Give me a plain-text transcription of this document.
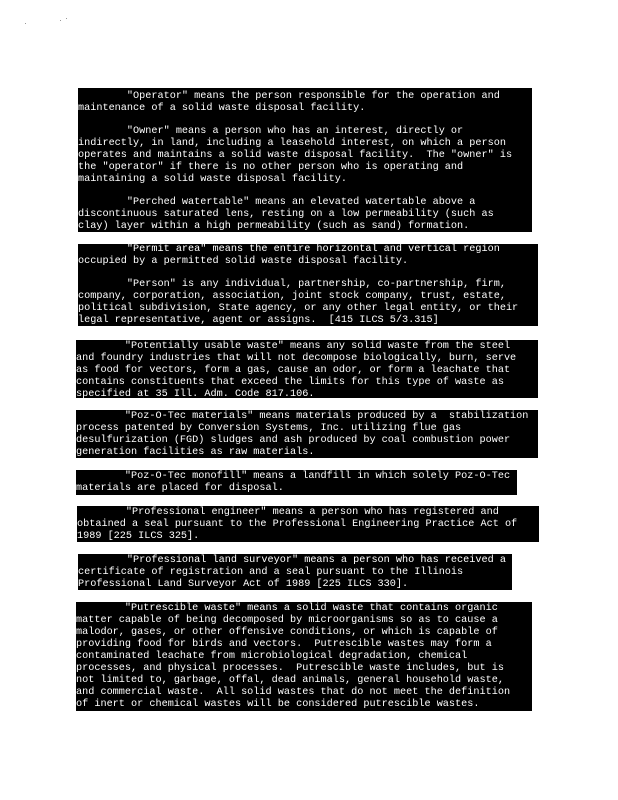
"Operator" means the person responsible for the operation and

maintenance of a solid waste disposal facility.

"Owner" means a person who has an interest, directly or

indirectly, in land, including a leasehold interest, on which a person

operates and maintains a solid waste disposal facility.  The "owner" is

the "operator" if there is no other person who is operating and

maintaining a solid waste disposal facility.

"Perched watertable" means an elevated watertable above a

discontinuous saturated lens, resting on a low permeability (such as

clay) layer within a high permeability (such as sand) formation.

"Permit area" means the entire horizontal and vertical region

occupied by a permitted solid waste disposal facility.

"Person" is any individual, partnership, co-partnership, firm,

company, corporation, association, joint stock company, trust, estate,

political subdivision, State agency, or any other legal entity, or their

legal representative, agent or assigns.  [415 ILCS 5/3.315]

"Potentially usable waste" means any solid waste from the steel

and foundry industries that will not decompose biologically, burn, serve

as food for vectors, form a gas, cause an odor, or form a leachate that

contains constituents that exceed the limits for this type of waste as

specified at 35 Ill. Adm. Code 817.106.

"Poz-O-Tec materials" means materials produced by a  stabilization

process patented by Conversion Systems, Inc. utilizing flue gas

desulfurization (FGD) sludges and ash produced by coal combustion power

generation facilities as raw materials.

"Poz-O-Tec monofill" means a landfill in which solely Poz-O-Tec

materials are placed for disposal.

"Professional engineer" means a person who has registered and

obtained a seal pursuant to the Professional Engineering Practice Act of

1989 [225 ILCS 325].

"Professional land surveyor" means a person who has received a

certificate of registration and a seal pursuant to the Illinois

Professional Land Surveyor Act of 1989 [225 ILCS 330].

"Putrescible waste" means a solid waste that contains organic

matter capable of being decomposed by microorganisms so as to cause a

malodor, gases, or other offensive conditions, or which is capable of

providing food for birds and vectors.  Putrescible wastes may form a

contaminated leachate from microbiological degradation, chemical

processes, and physical processes.  Putrescible waste includes, but is

not limited to, garbage, offal, dead animals, general household waste,

and commercial waste.  All solid wastes that do not meet the definition

of inert or chemical wastes will be considered putrescible wastes.
